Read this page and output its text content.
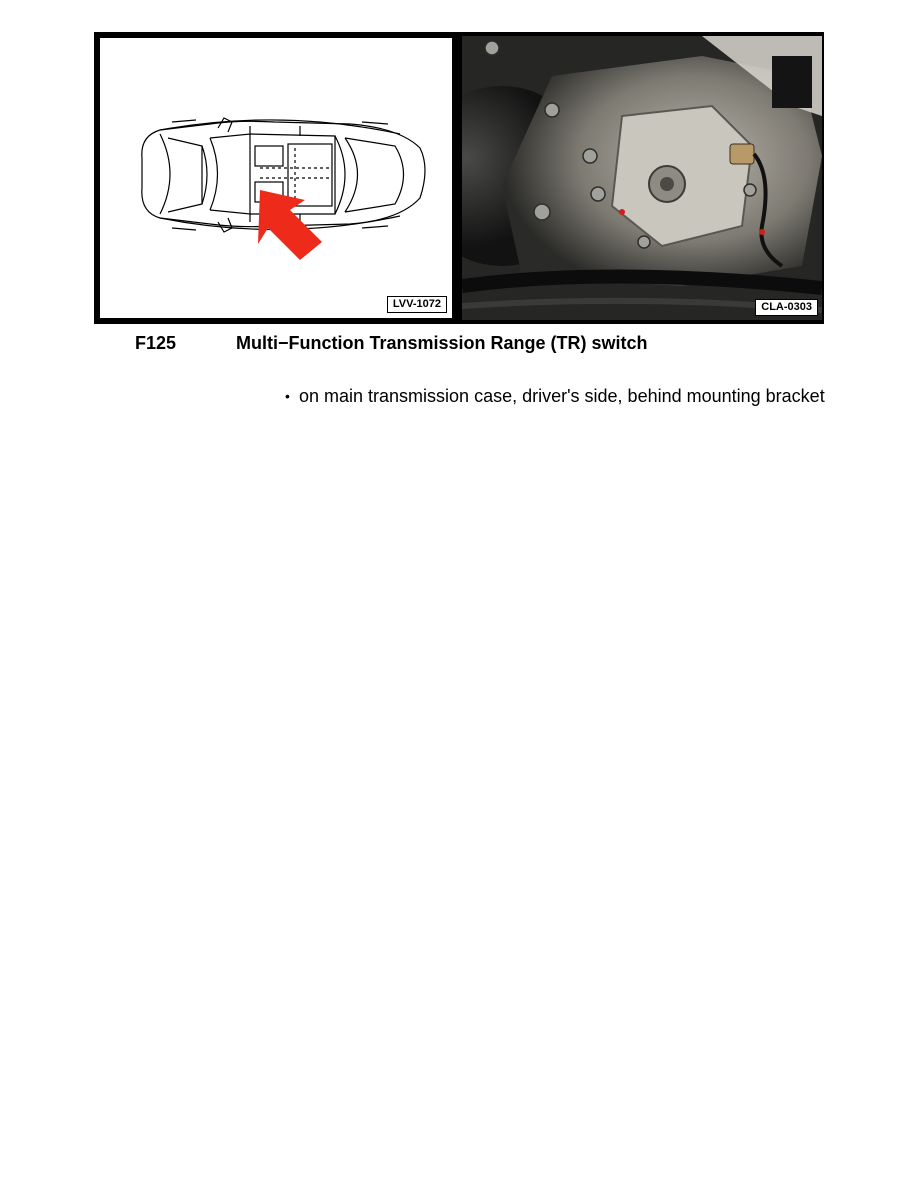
LVV-1072	CLA-0303
F125	Multi−Function Transmission Range (TR) switch
• on main transmission case, driver's side, behind mounting bracket
